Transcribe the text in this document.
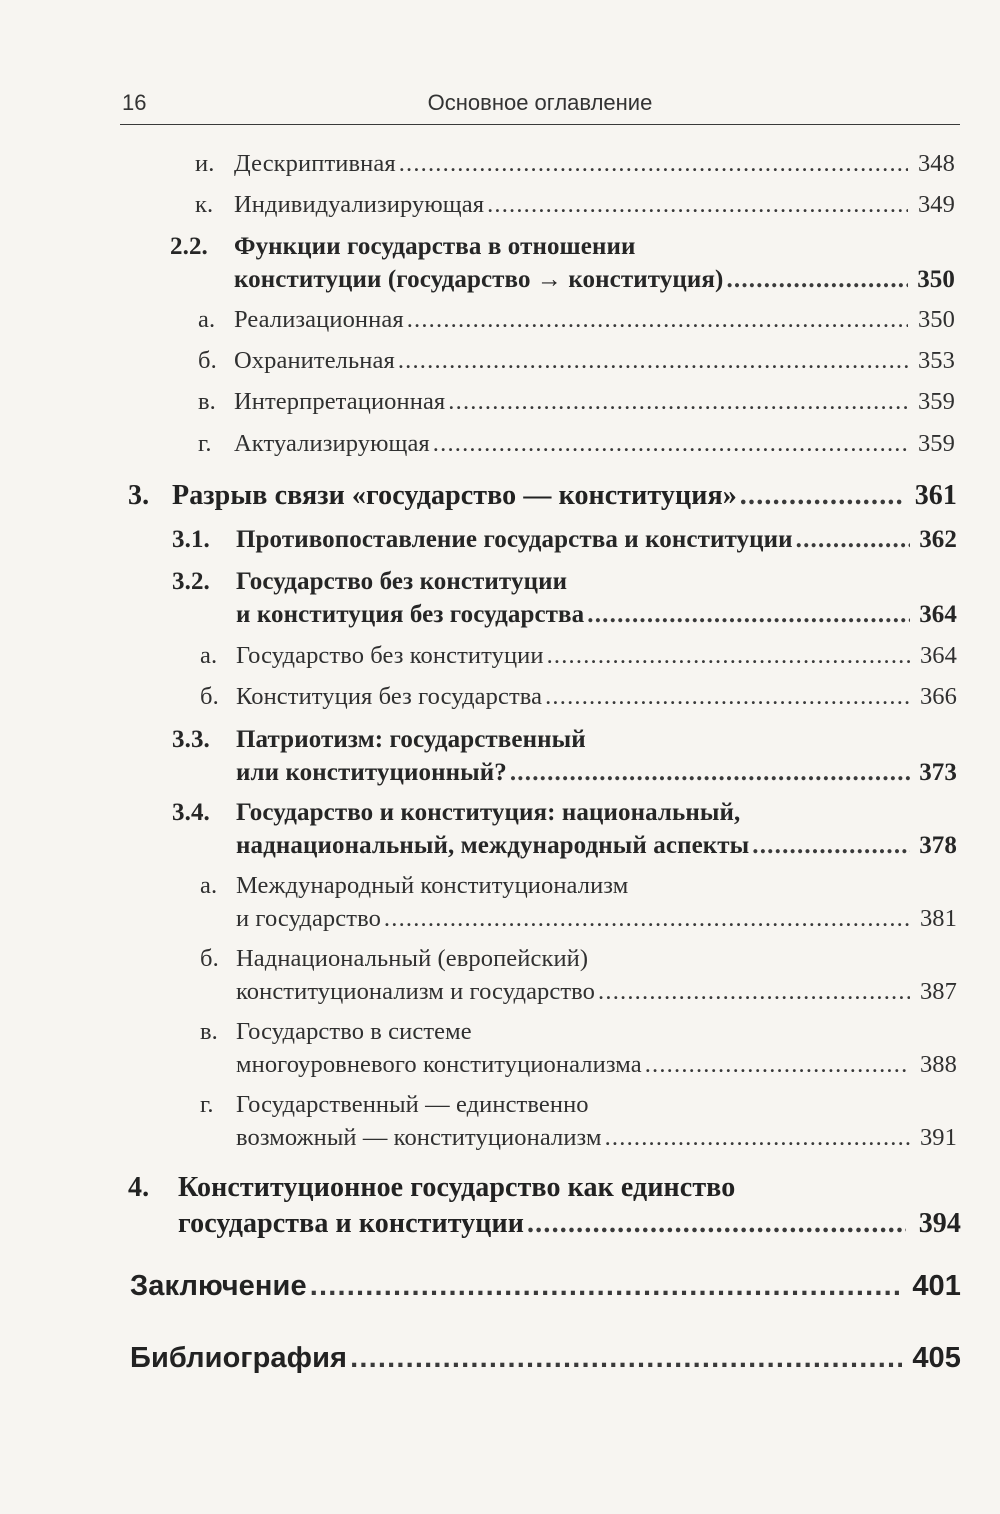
16	Основное оглавление
и. Дескриптивная .....	348
к. Индивидуализирующая .....	349
2.2. Функции государства в отношении
конституции (государство → конституция) .....	350
а. Реализационная .....	350
б. Охранительная .....	353
в. Интерпретационная .....	359
г. Актуализирующая .....	359
3. Разрыв связи «государство — конституция» .....	361
3.1. Противопоставление государства и конституции .....	362
3.2. Государство без конституции
и конституция без государства .....	364
а. Государство без конституции .....	364
б. Конституция без государства .....	366
3.3. Патриотизм: государственный
или конституционный? .....	373
3.4. Государство и конституция: национальный,
наднациональный, международный аспекты .....	378
а. Международный конституционализм
и государство .....	381
б. Наднациональный (европейский)
конституционализм и государство .....	387
в. Государство в системе
многоуровневого конституционализма .....	388
г. Государственный — единственно
возможный — конституционализм .....	391
4. Конституционное государство как единство
государства и конституции .....	394
Заключение .....	401
Библиография .....	405
